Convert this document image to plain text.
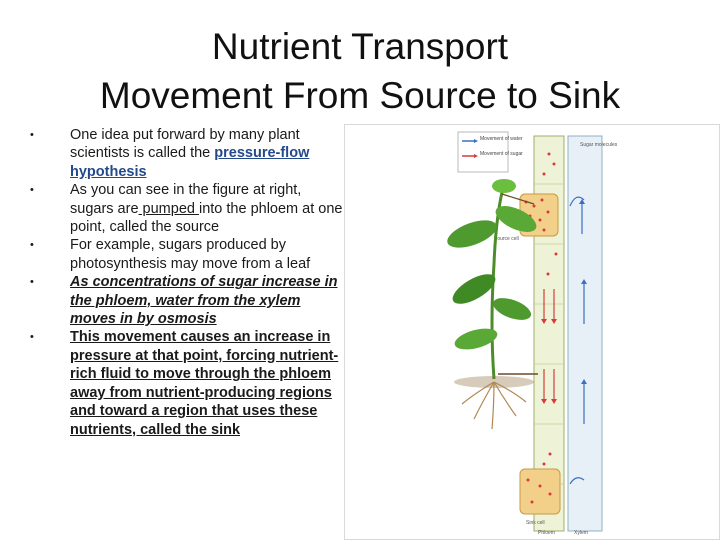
Nutrient Transport
Movement From Source to Sink
• One idea put forward by many plant scientists is called the pressure-flow hypothesis
• As you can see in the figure at right, sugars are pumped into the phloem at one point, called the source
• For example, sugars produced by photosynthesis may move from a leaf
• As concentrations of sugar increase in the phloem, water from the xylem moves in by osmosis
• This movement causes an increase in pressure at that point, forcing nutrient-rich fluid to move through the phloem away from nutrient-producing regions and toward a region that uses these nutrients, called the sink
Movement of water
Movement of sugar
Source cell
Sugar molecules
Sink cell
Phloem	Xylem
